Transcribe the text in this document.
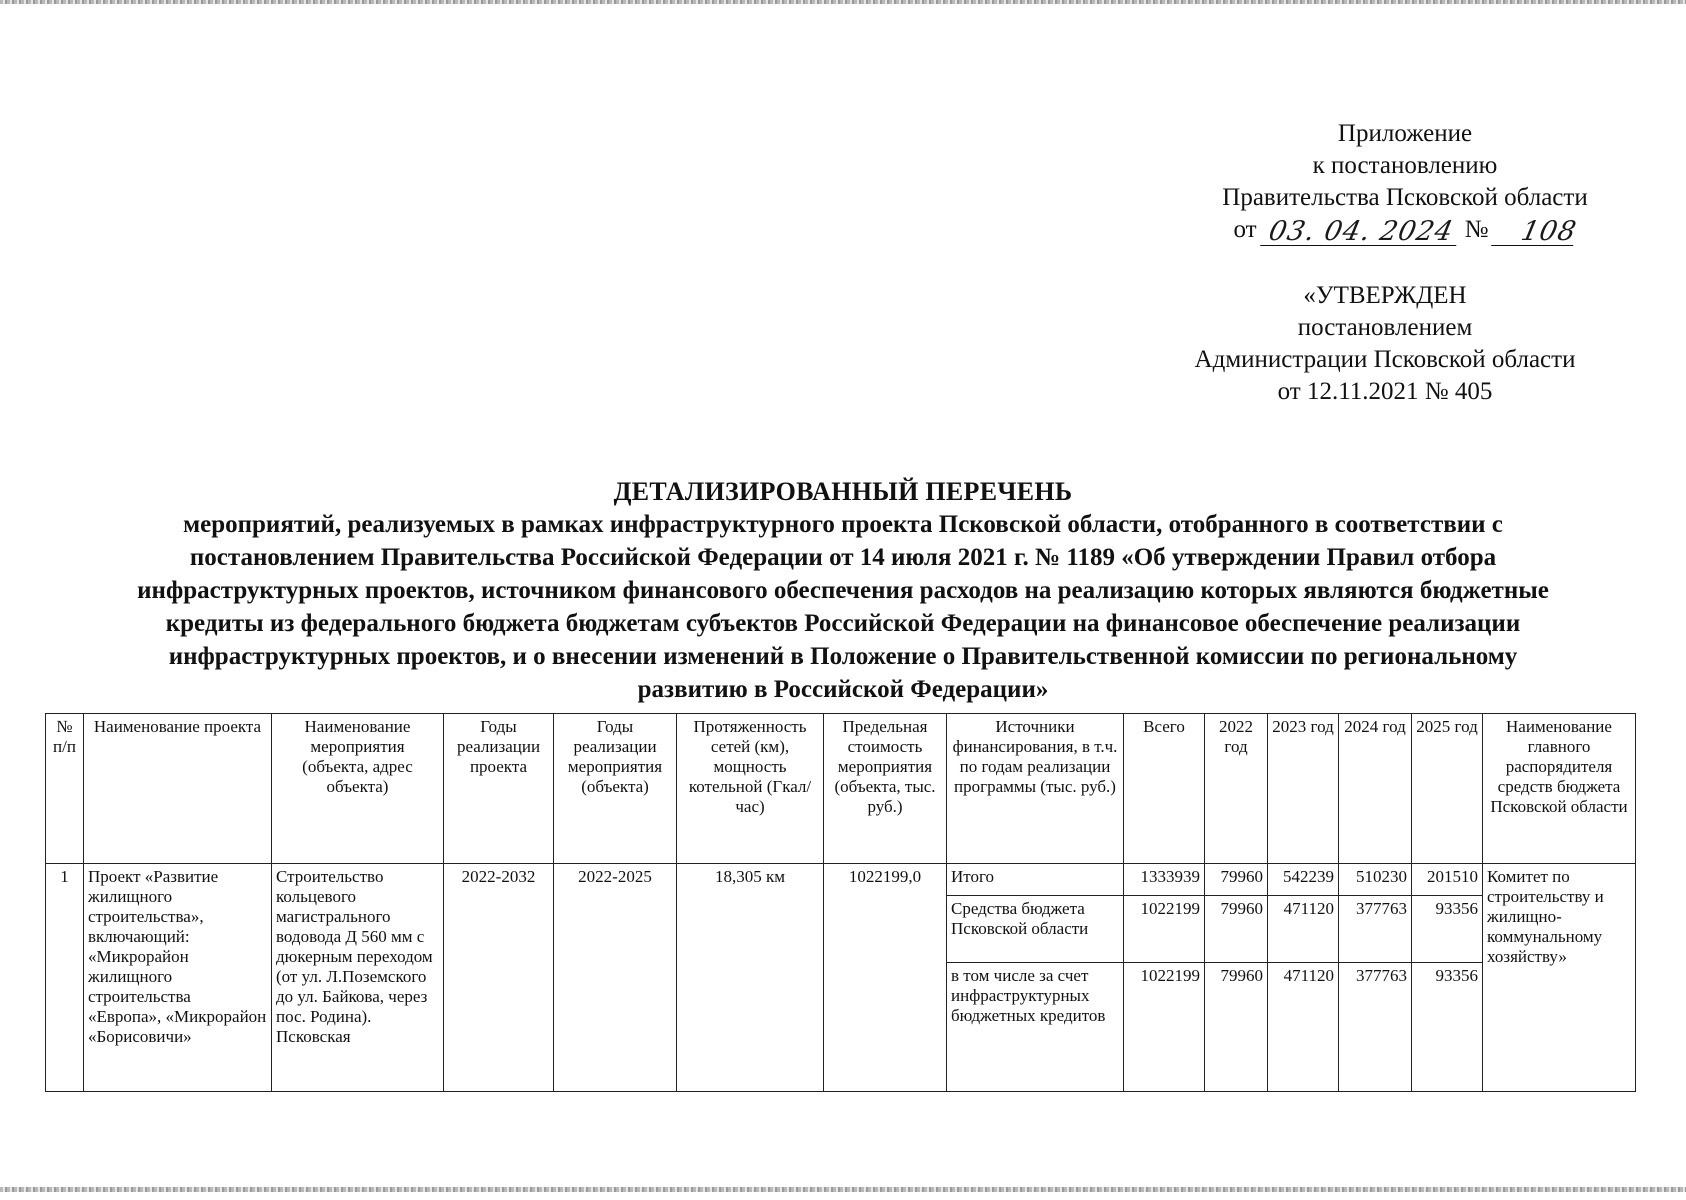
Приложение
к постановлению
Правительства Псковской области
от 03. 04. 2024 №	108
«УТВЕРЖДЕН
постановлением
Администрации Псковской области
от 12.11.2021 № 405
ДЕТАЛИЗИРОВАННЫЙ ПЕРЕЧЕНЬ
мероприятий, реализуемых в рамках инфраструктурного проекта Псковской области, отобранного в соответствии с постановлением Правительства Российской Федерации от 14 июля 2021 г. № 1189 «Об утверждении Правил отбора инфраструктурных проектов, источником финансового обеспечения расходов на реализацию которых являются бюджетные кредиты из федерального бюджета бюджетам субъектов Российской Федерации на финансовое обеспечение реализации инфраструктурных проектов, и о внесении изменений в Положение о Правительственной комиссии по региональному развитию в Российской Федерации»
№ п/п	Наименование проекта	Наименование мероприятия (объекта, адрес объекта)	Годы реализации проекта	Годы реализации мероприятия (объекта)	Протяженность сетей (км), мощность котельной (Гкал/час)	Предельная стоимость мероприятия (объекта, тыс. руб.)	Источники финансирования, в т.ч. по годам реализации программы (тыс. руб.)	Всего	2022 год	2023 год	2024 год	2025 год	Наименование главного распорядителя средств бюджета Псковской области
1	Проект «Развитие жилищного строительства», включающий: «Микрорайон жилищного строительства «Европа», «Микрорайон «Борисовичи»	Строительство кольцевого магистрального водовода Д 560 мм с дюкерным переходом (от ул. Л.Поземского до ул. Байкова, через пос. Родина). Псковская	2022-2032	2022-2025	18,305 км	1022199,0	Итого	1333939	79960	542239	510230	201510	Комитет по строительству и жилищно-коммунальному хозяйству»
							Средства бюджета Псковской области	1022199	79960	471120	377763	93356	
							в том числе за счет инфраструктурных бюджетных кредитов	1022199	79960	471120	377763	93356	
